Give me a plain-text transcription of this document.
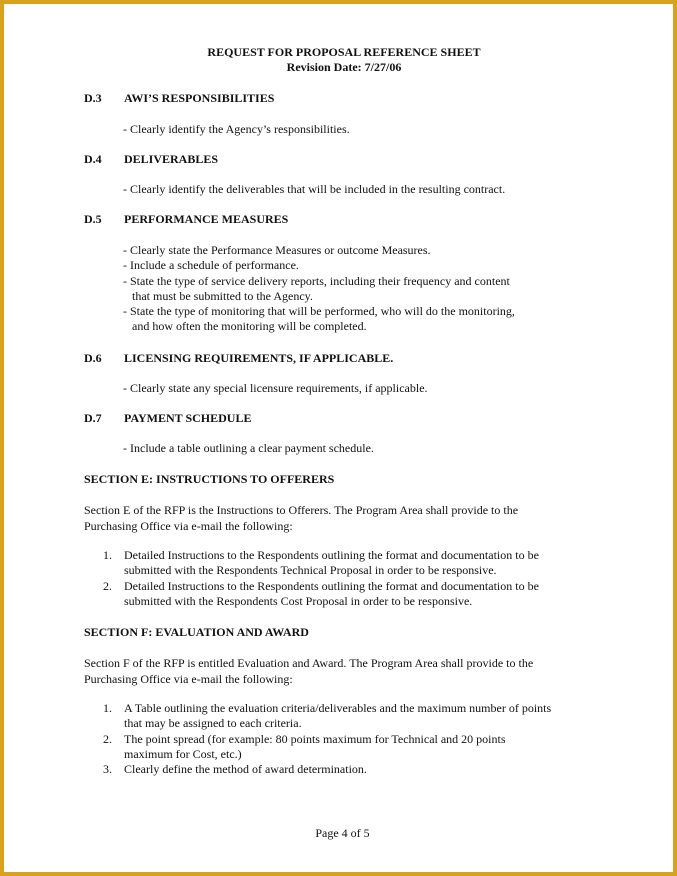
REQUEST FOR PROPOSAL REFERENCE SHEET
Revision Date: 7/27/06
D.3 AWI’S RESPONSIBILITIES
- Clearly identify the Agency’s responsibilities.
D.4 DELIVERABLES
- Clearly identify the deliverables that will be included in the resulting contract.
D.5 PERFORMANCE MEASURES
- Clearly state the Performance Measures or outcome Measures.
- Include a schedule of performance.
- State the type of service delivery reports, including their frequency and content
that must be submitted to the Agency.
- State the type of monitoring that will be performed, who will do the monitoring,
and how often the monitoring will be completed.
D.6 LICENSING REQUIREMENTS, IF APPLICABLE.
- Clearly state any special licensure requirements, if applicable.
D.7 PAYMENT SCHEDULE
- Include a table outlining a clear payment schedule.
SECTION E: INSTRUCTIONS TO OFFERERS
Section E of the RFP is the Instructions to Offerers. The Program Area shall provide to the
Purchasing Office via e-mail the following:
1. Detailed Instructions to the Respondents outlining the format and documentation to be
submitted with the Respondents Technical Proposal in order to be responsive.
2. Detailed Instructions to the Respondents outlining the format and documentation to be
submitted with the Respondents Cost Proposal in order to be responsive.
SECTION F: EVALUATION AND AWARD
Section F of the RFP is entitled Evaluation and Award. The Program Area shall provide to the
Purchasing Office via e-mail the following:
1. A Table outlining the evaluation criteria/deliverables and the maximum number of points
that may be assigned to each criteria.
2. The point spread (for example: 80 points maximum for Technical and 20 points
maximum for Cost, etc.)
3. Clearly define the method of award determination.
Page 4 of 5
